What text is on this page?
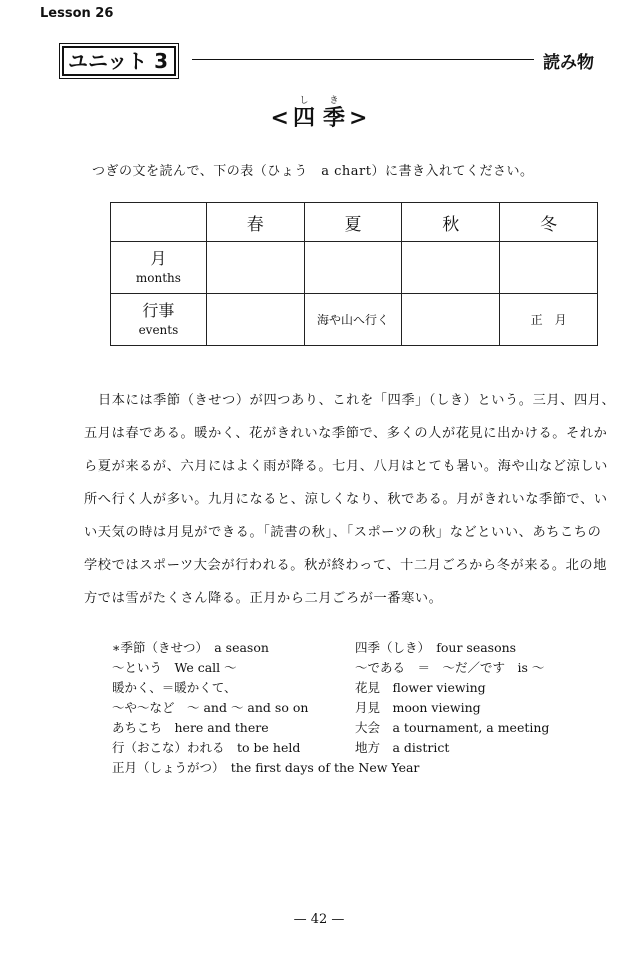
Lesson 26
ユニット 3	読み物
<
し
四
き
季 >
つぎの文を読んで、下の表（ひょう　a chart）に書き入れてください。
	春	夏	秋	冬

月
months				

行事
events		海や山へ行く		正　月

日本には季節（きせつ）が四つあり、これを「四季」（しき）という。三月、四月、

五月は春である。暖かく、花がきれいな季節で、多くの人が花見に出かける。それか

ら夏が来るが、六月にはよく雨が降る。七月、八月はとても暑い。海や山など涼しい

所へ行く人が多い。九月になると、涼しくなり、秋である。月がきれいな季節で、い

い天気の時は月見ができる。「読書の秋」、「スポーツの秋」などといい、あちこちの

学校ではスポーツ大会が行われる。秋が終わって、十二月ごろから冬が来る。北の地

方では雪がたくさん降る。正月から二月ごろが一番寒い。

∗季節（きせつ）　a season	四季（しき）　four seasons
〜という　We call 〜	〜である　＝　〜だ／です　is 〜
暖かく、＝暖かくて、	花見　flower viewing
〜や〜など　〜 and 〜 and so on	月見　moon viewing
あちこち　here and there	大会　a tournament, a meeting
行（おこな）われる　to be held	地方　a district
正月（しょうがつ）　the first days of the New Year
— 42 —
